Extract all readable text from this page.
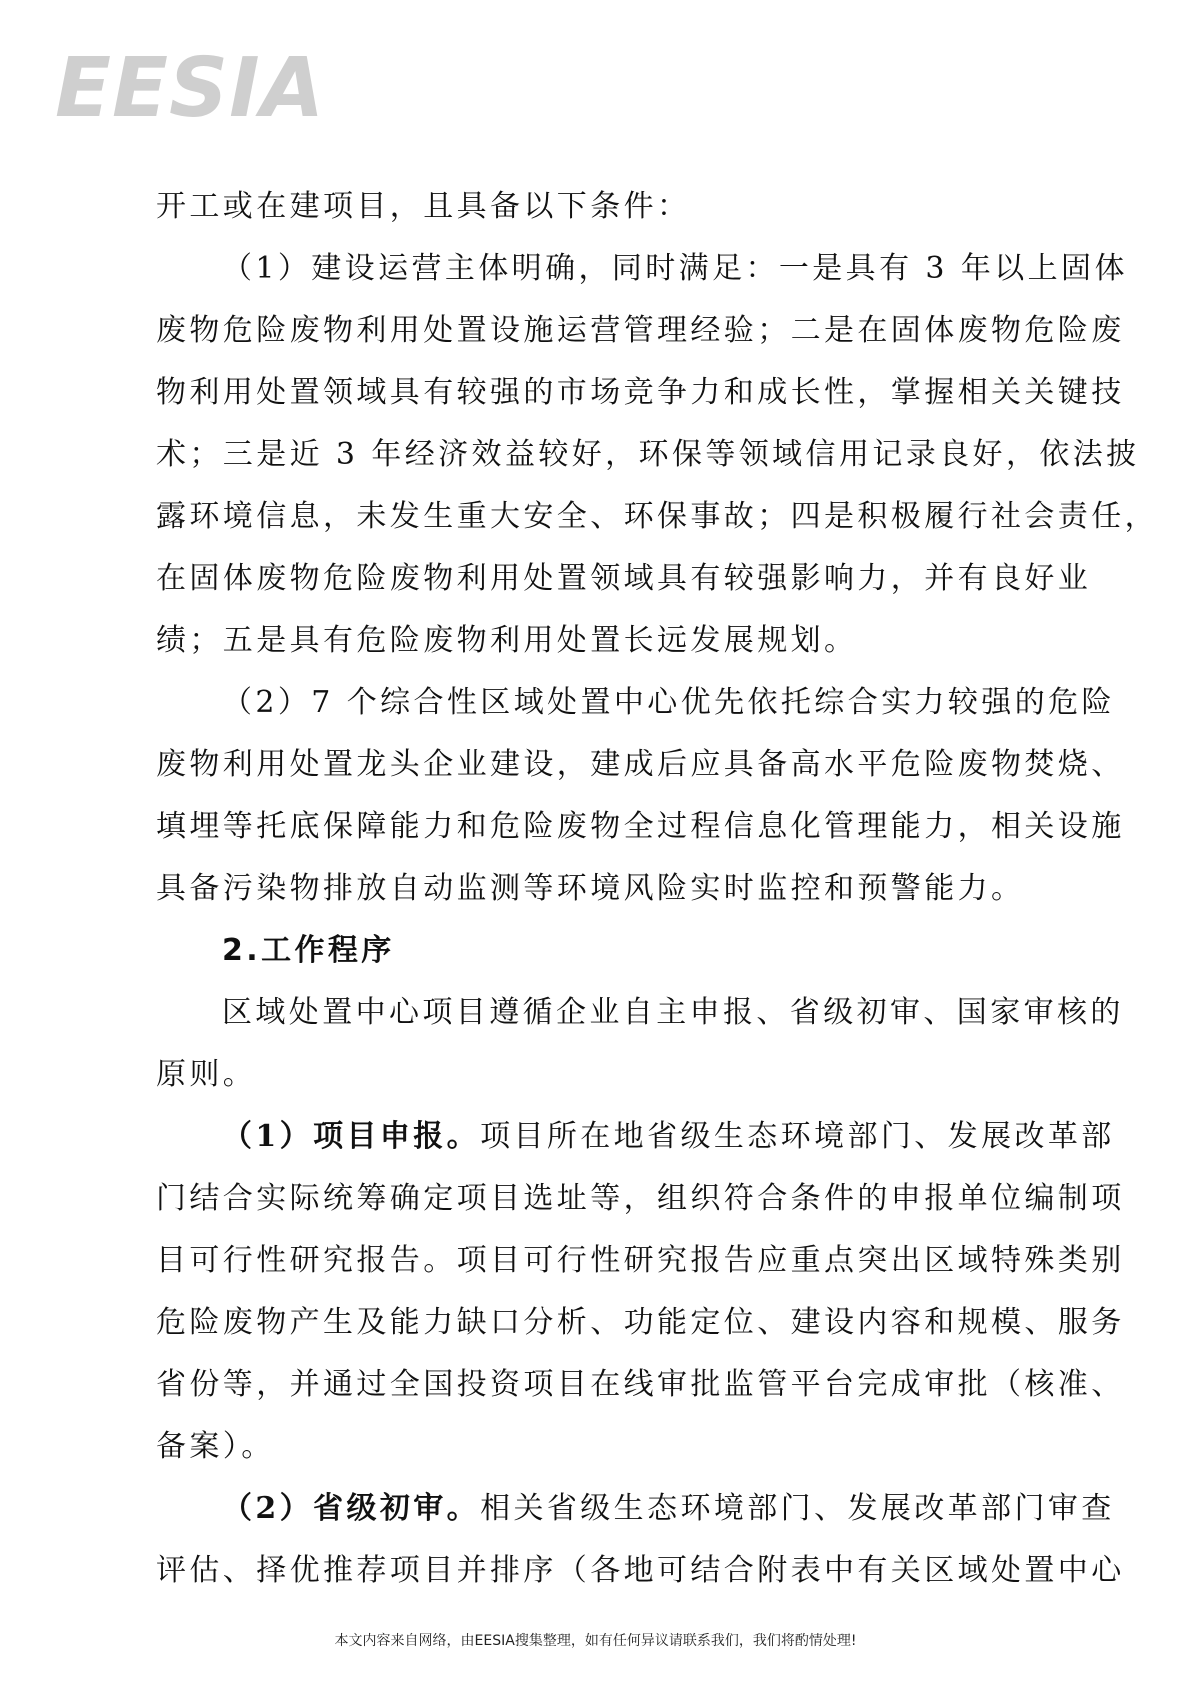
EESIA
开工或在建项目，且具备以下条件：
（1）建设运营主体明确，同时满足：一是具有 3 年以上固体
废物危险废物利用处置设施运营管理经验；二是在固体废物危险废
物利用处置领域具有较强的市场竞争力和成长性，掌握相关关键技
术；三是近 3 年经济效益较好，环保等领域信用记录良好，依法披
露环境信息，未发生重大安全、环保事故；四是积极履行社会责任，
在固体废物危险废物利用处置领域具有较强影响力，并有良好业
绩；五是具有危险废物利用处置长远发展规划。
（2）7 个综合性区域处置中心优先依托综合实力较强的危险
废物利用处置龙头企业建设，建成后应具备高水平危险废物焚烧、
填埋等托底保障能力和危险废物全过程信息化管理能力，相关设施
具备污染物排放自动监测等环境风险实时监控和预警能力。
2.工作程序
区域处置中心项目遵循企业自主申报、省级初审、国家审核的
原则。
（1）项目申报。项目所在地省级生态环境部门、发展改革部
门结合实际统筹确定项目选址等，组织符合条件的申报单位编制项
目可行性研究报告。项目可行性研究报告应重点突出区域特殊类别
危险废物产生及能力缺口分析、功能定位、建设内容和规模、服务
省份等，并通过全国投资项目在线审批监管平台完成审批（核准、
备案）。
（2）省级初审。相关省级生态环境部门、发展改革部门审查
评估、择优推荐项目并排序（各地可结合附表中有关区域处置中心
本文内容来自网络，由EESIA搜集整理，如有任何异议请联系我们，我们将酌情处理!
